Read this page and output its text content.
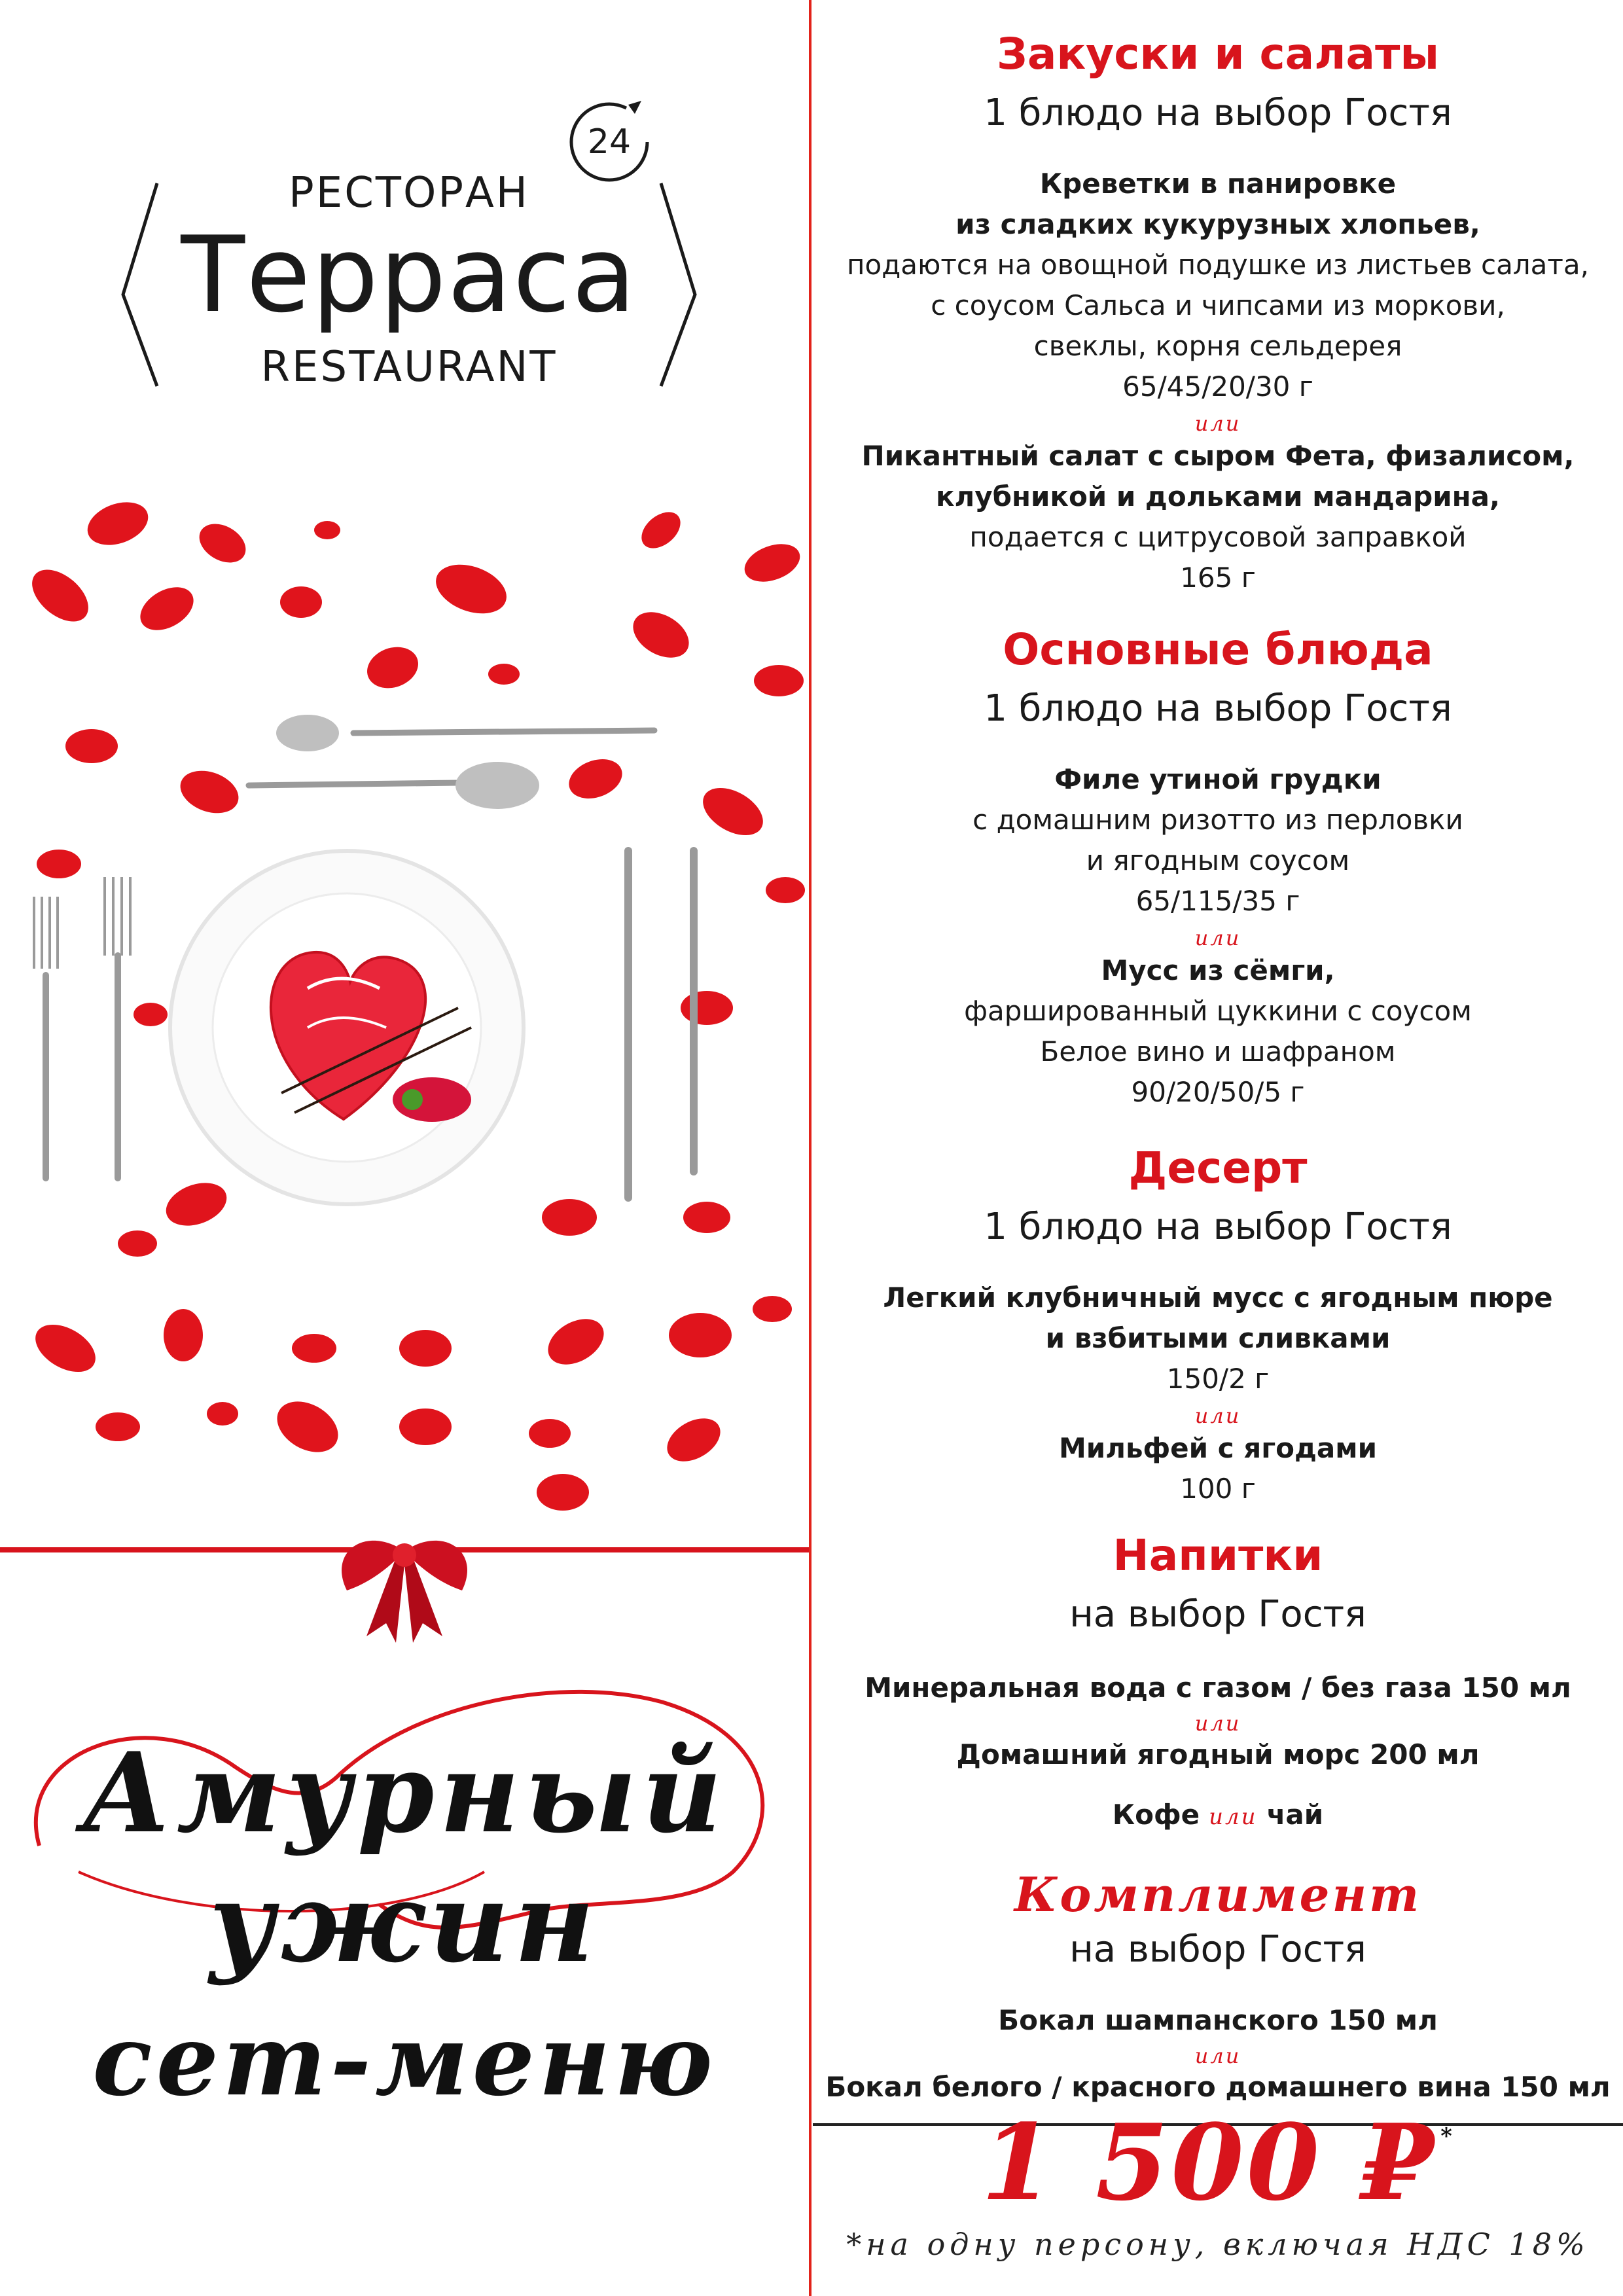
24
РЕСТОРАН
Терраса
RESTAURANT
Амурный ужин
сет-меню
Закуски и салаты
1 блюдо на выбор Гостя
Креветки в панировке
из сладких кукурузных хлопьев,
подаются на овощной подушке из листьев салата,
с соусом Сальса и чипсами из моркови,
свеклы, корня сельдерея
65/45/20/30 г
или
Пикантный салат с сыром Фета, физалисом,
клубникой и дольками мандарина,
подается с цитрусовой заправкой
165 г
Основные блюда
1 блюдо на выбор Гостя
Филе утиной грудки
с домашним ризотто из перловки
и ягодным соусом
65/115/35 г
или
Мусс из сёмги,
фаршированный цуккини с соусом
Белое вино и шафраном
90/20/50/5 г
Десерт
1 блюдо на выбор Гостя
Легкий клубничный мусс с ягодным пюре
и взбитыми сливками
150/2 г
или
Мильфей с ягодами
100 г
Напитки
на выбор Гостя
Минеральная вода с газом / без газа 150 мл
или
Домашний ягодный морс 200 мл
Кофе или чай
Комплимент
на выбор Гостя
Бокал шампанского 150 мл
или
Бокал белого / красного домашнего вина 150 мл
1 500 ₽ *
*на одну персону, включая НДС 18%
